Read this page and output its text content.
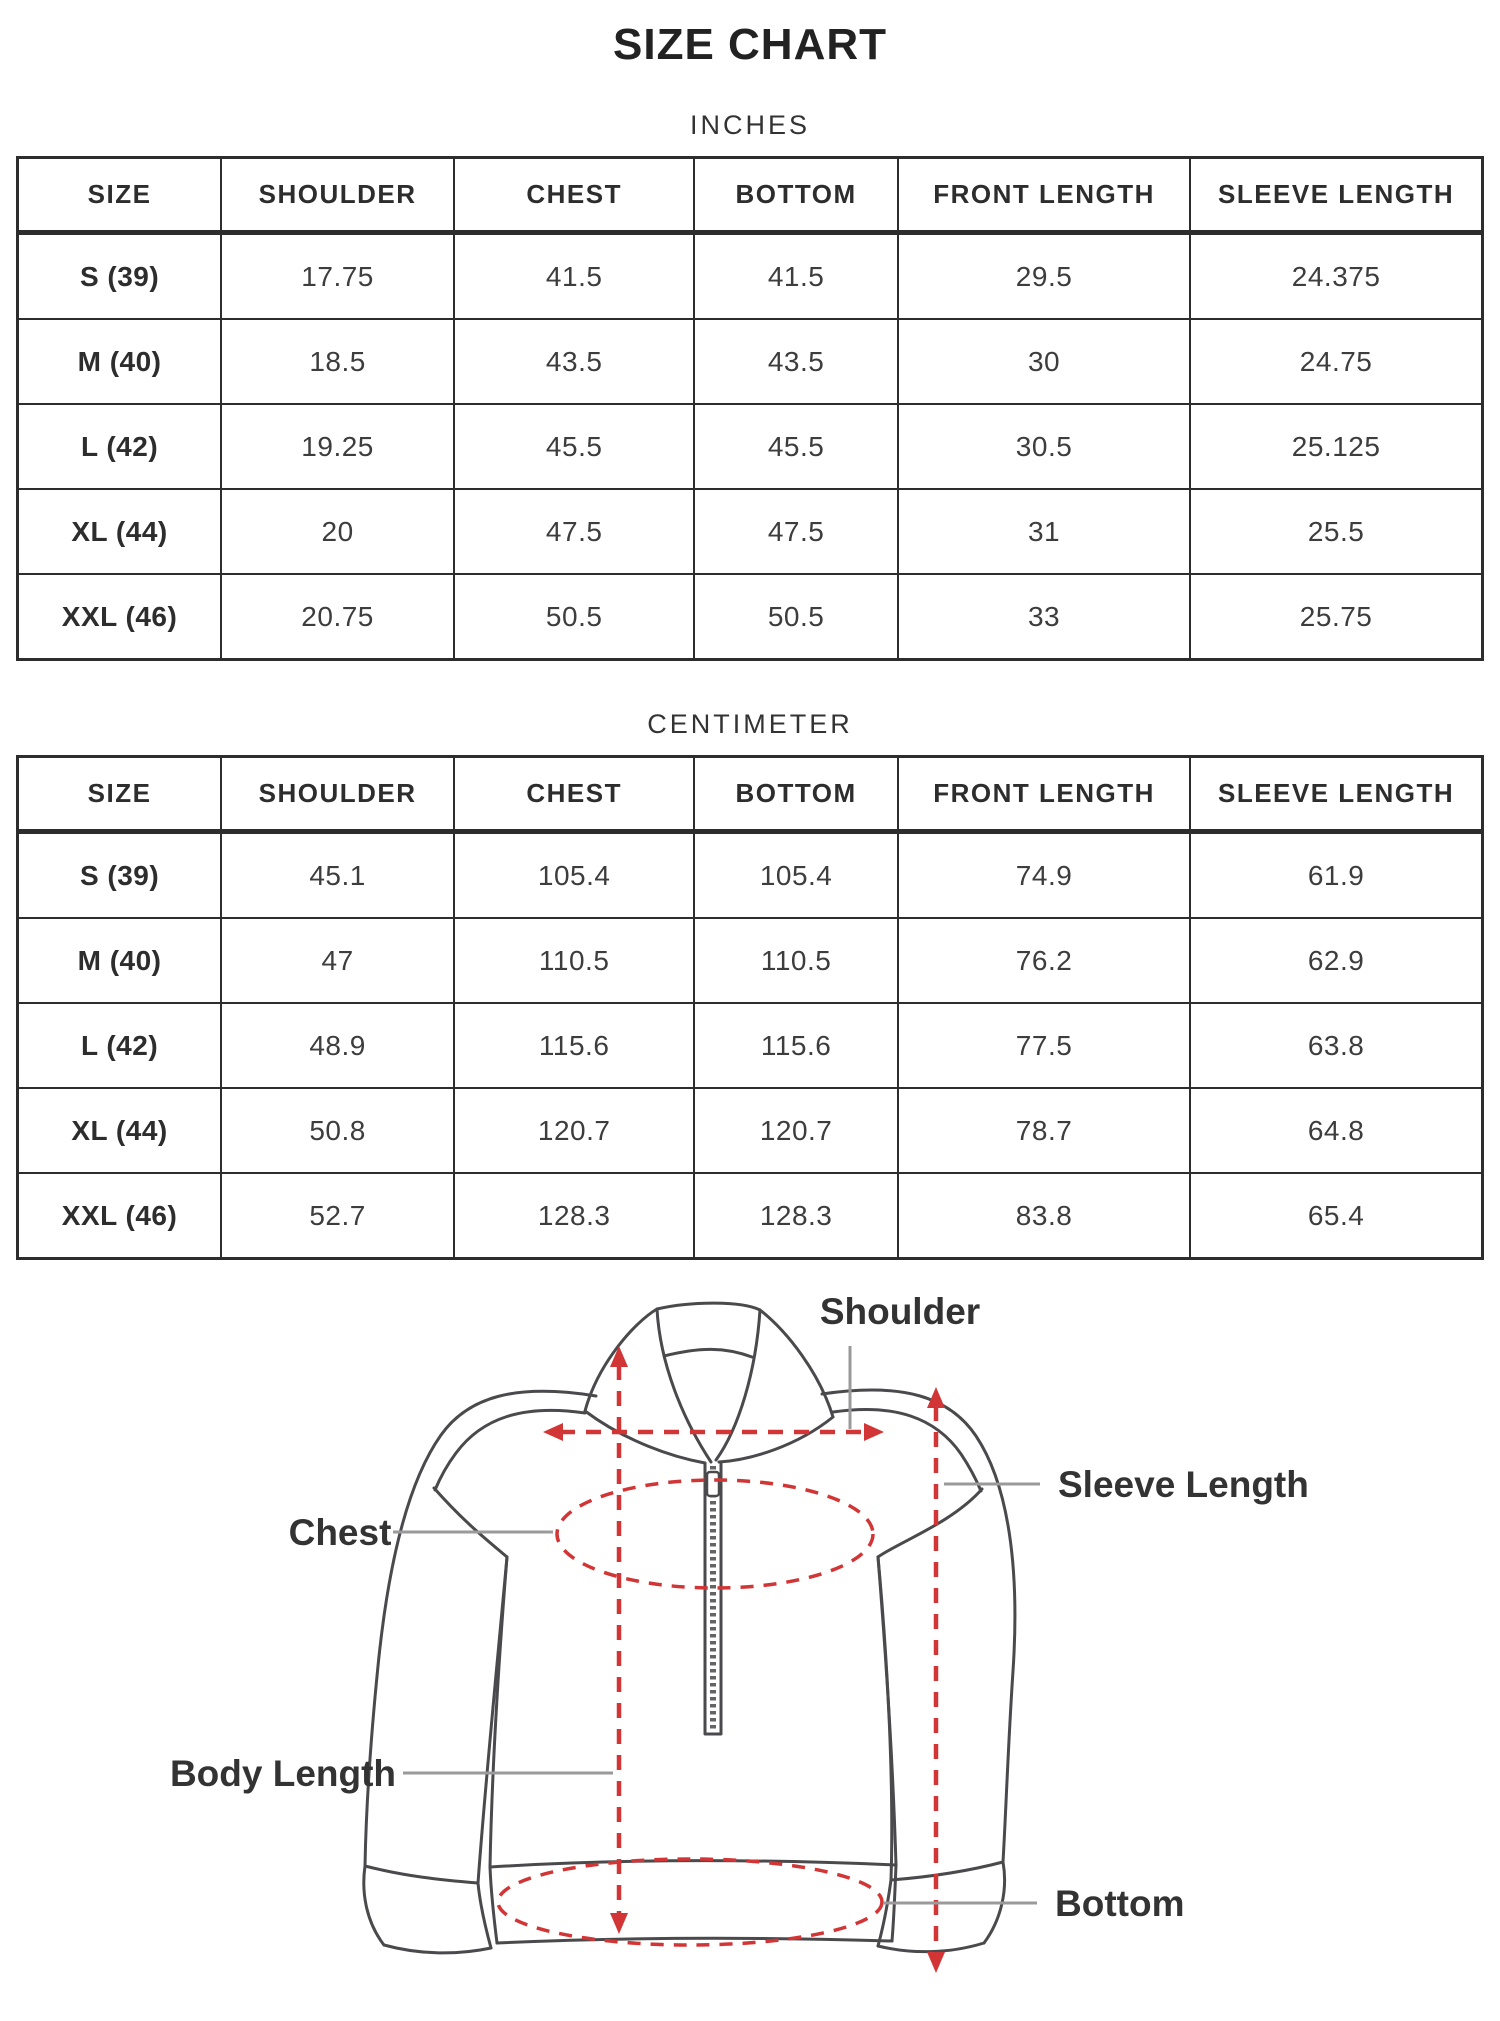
SIZE CHART
INCHES
SIZE	SHOULDER	CHEST	BOTTOM	FRONT LENGTH	SLEEVE LENGTH
S (39)	17.75	41.5	41.5	29.5	24.375
M (40)	18.5	43.5	43.5	30	24.75
L (42)	19.25	45.5	45.5	30.5	25.125
XL (44)	20	47.5	47.5	31	25.5
XXL (46)	20.75	50.5	50.5	33	25.75
CENTIMETER
SIZE	SHOULDER	CHEST	BOTTOM	FRONT LENGTH	SLEEVE LENGTH
S (39)	45.1	105.4	105.4	74.9	61.9
M (40)	47	110.5	110.5	76.2	62.9
L (42)	48.9	115.6	115.6	77.5	63.8
XL (44)	50.8	120.7	120.7	78.7	64.8
XXL (46)	52.7	128.3	128.3	83.8	65.4
Shoulder
Sleeve Length
Chest
Body Length
Bottom
